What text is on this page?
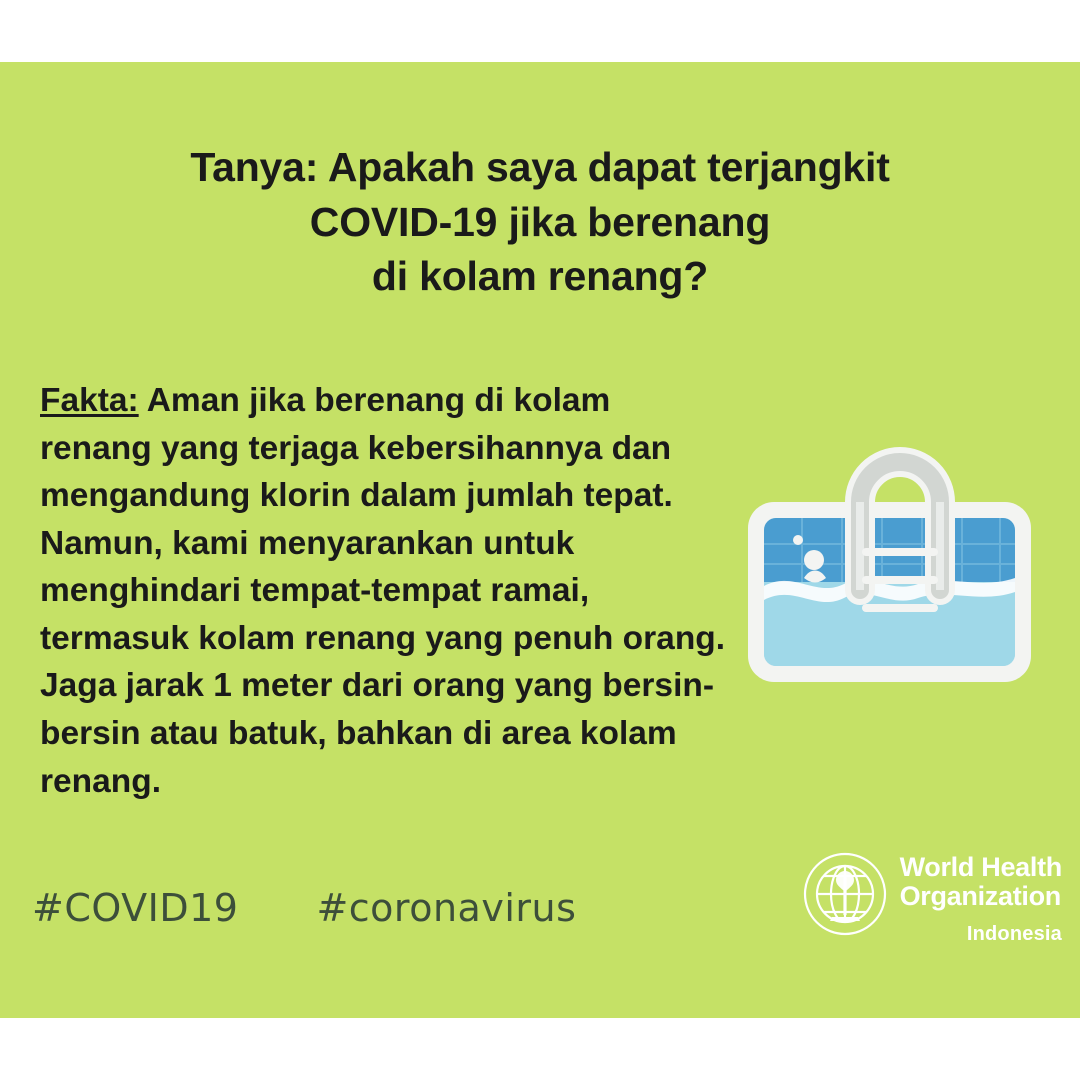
Tanya: Apakah saya dapat terjangkit
COVID-19 jika berenang
di kolam renang?
Fakta: Aman jika berenang di kolam renang yang terjaga kebersihannya dan mengandung klorin dalam jumlah tepat. Namun, kami menyarankan untuk menghindari tempat-tempat ramai, termasuk kolam renang yang penuh orang. Jaga jarak 1 meter dari orang yang bersin-bersin atau batuk, bahkan di area kolam renang.
#COVID19 #coronavirus
World Health
Organization
Indonesia
